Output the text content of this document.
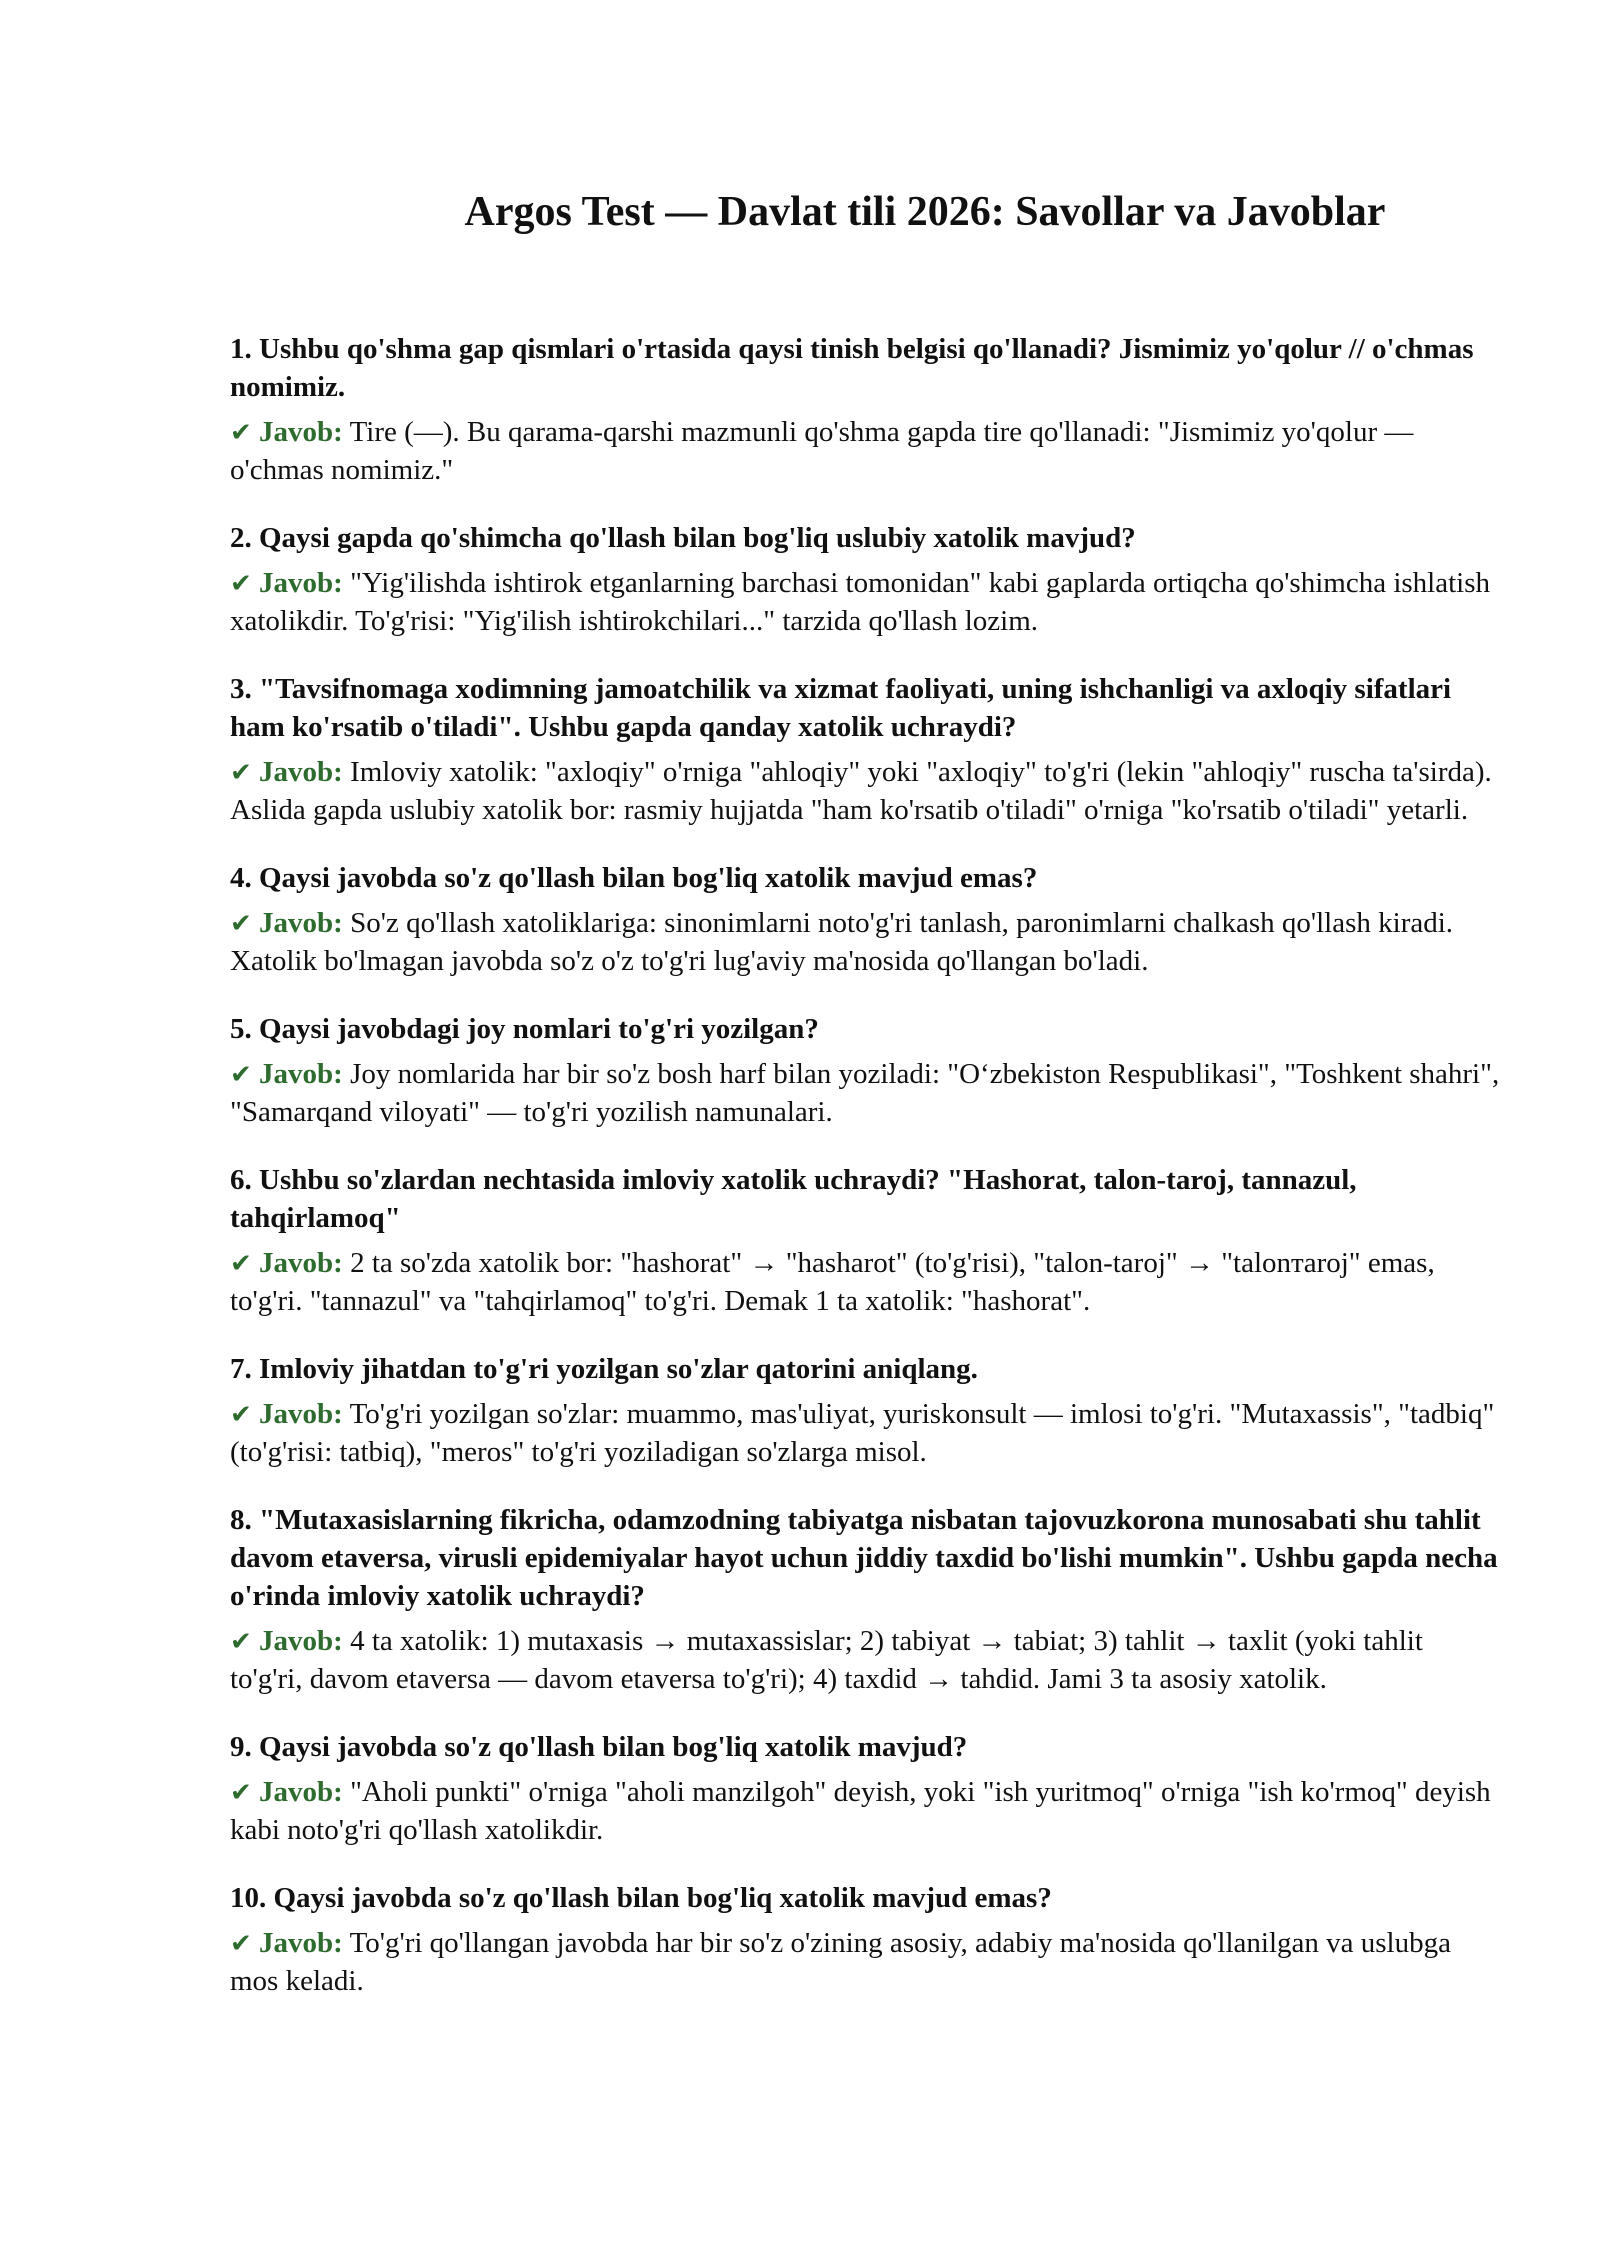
Argos Test — Davlat tili 2026: Savollar va Javoblar

1. Ushbu qo'shma gap qismlari o'rtasida qaysi tinish belgisi qo'llanadi? Jismimiz yo'qolur // o'chmas nomimiz.

✔ Javob: Tire (—). Bu qarama-qarshi mazmunli qo'shma gapda tire qo'llanadi: "Jismimiz yo'qolur — o'chmas nomimiz."

2. Qaysi gapda qo'shimcha qo'llash bilan bog'liq uslubiy xatolik mavjud?

✔ Javob: "Yig'ilishda ishtirok etganlarning barchasi tomonidan" kabi gaplarda ortiqcha qo'shimcha ishlatish xatolikdir. To'g'risi: "Yig'ilish ishtirokchilari..." tarzida qo'llash lozim.

3. "Tavsifnomaga xodimning jamoatchilik va xizmat faoliyati, uning ishchanligi va axloqiy sifatlari ham ko'rsatib o'tiladi". Ushbu gapda qanday xatolik uchraydi?

✔ Javob: Imloviy xatolik: "axloqiy" o'rniga "ahloqiy" yoki "axloqiy" to'g'ri (lekin "ahloqiy" ruscha ta'sirda). Aslida gapda uslubiy xatolik bor: rasmiy hujjatda "ham ko'rsatib o'tiladi" o'rniga "ko'rsatib o'tiladi" yetarli.

4. Qaysi javobda so'z qo'llash bilan bog'liq xatolik mavjud emas?

✔ Javob: So'z qo'llash xatoliklariga: sinonimlarni noto'g'ri tanlash, paronimlarni chalkash qo'llash kiradi. Xatolik bo'lmagan javobda so'z o'z to'g'ri lug'aviy ma'nosida qo'llangan bo'ladi.

5. Qaysi javobdagi joy nomlari to'g'ri yozilgan?

✔ Javob: Joy nomlarida har bir so'z bosh harf bilan yoziladi: "O‘zbekiston Respublikasi", "Toshkent shahri", "Samarqand viloyati" — to'g'ri yozilish namunalari.

6. Ushbu so'zlardan nechtasida imloviy xatolik uchraydi? "Hashorat, talon-taroj, tannazul, tahqirlamoq"

✔ Javob: 2 ta so'zda xatolik bor: "hashorat" → "hasharot" (to'g'risi), "talon-taroj" → "talonтaroj" emas, to'g'ri. "tannazul" va "tahqirlamoq" to'g'ri. Demak 1 ta xatolik: "hashorat".

7. Imloviy jihatdan to'g'ri yozilgan so'zlar qatorini aniqlang.

✔ Javob: To'g'ri yozilgan so'zlar: muammo, mas'uliyat, yuriskonsult — imlosi to'g'ri. "Mutaxassis", "tadbiq" (to'g'risi: tatbiq), "meros" to'g'ri yoziladigan so'zlarga misol.

8. "Mutaxasislarning fikricha, odamzodning tabiyatga nisbatan tajovuzkorona munosabati shu tahlit davom etaversa, virusli epidemiyalar hayot uchun jiddiy taxdid bo'lishi mumkin". Ushbu gapda necha o'rinda imloviy xatolik uchraydi?

✔ Javob: 4 ta xatolik: 1) mutaxasis → mutaxassislar; 2) tabiyat → tabiat; 3) tahlit → taxlit (yoki tahlit to'g'ri, davom etaversa — davom etaversa to'g'ri); 4) taxdid → tahdid. Jami 3 ta asosiy xatolik.

9. Qaysi javobda so'z qo'llash bilan bog'liq xatolik mavjud?

✔ Javob: "Aholi punkti" o'rniga "aholi manzilgoh" deyish, yoki "ish yuritmoq" o'rniga "ish ko'rmoq" deyish kabi noto'g'ri qo'llash xatolikdir.

10. Qaysi javobda so'z qo'llash bilan bog'liq xatolik mavjud emas?

✔ Javob: To'g'ri qo'llangan javobda har bir so'z o'zining asosiy, adabiy ma'nosida qo'llanilgan va uslubga mos keladi.
